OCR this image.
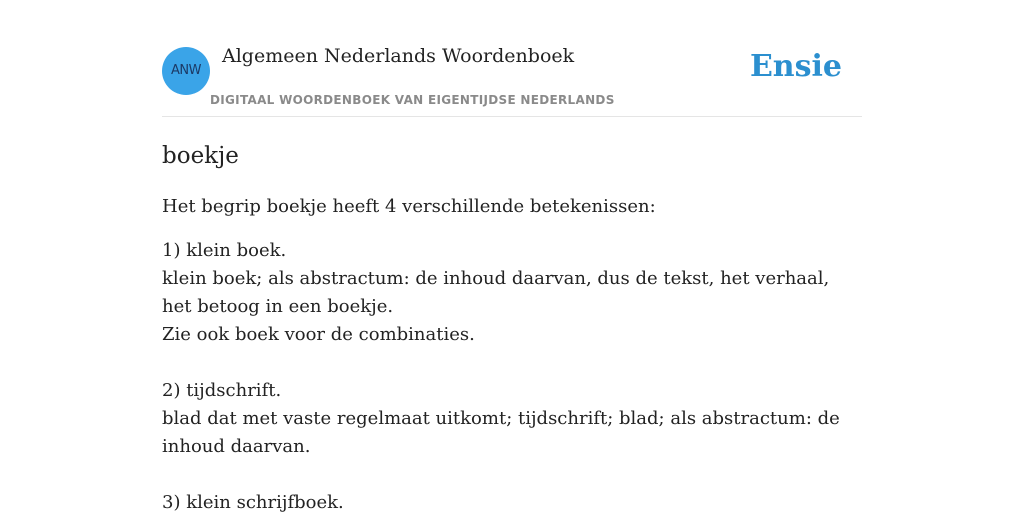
ANW
Algemeen Nederlands Woordenboek
DIGITAAL WOORDENBOEK VAN EIGENTIJDSE NEDERLANDS
Ensie
boekje

Het begrip boekje heeft 4 verschillende betekenissen:

1) klein boek.
klein boek; als abstractum: de inhoud daarvan, dus de tekst, het verhaal, het betoog in een boekje.
Zie ook boek voor de combinaties.
2) tijdschrift.
blad dat met vaste regelmaat uitkomt; tijdschrift; blad; als abstractum: de inhoud daarvan.
3) klein schrijfboek.
